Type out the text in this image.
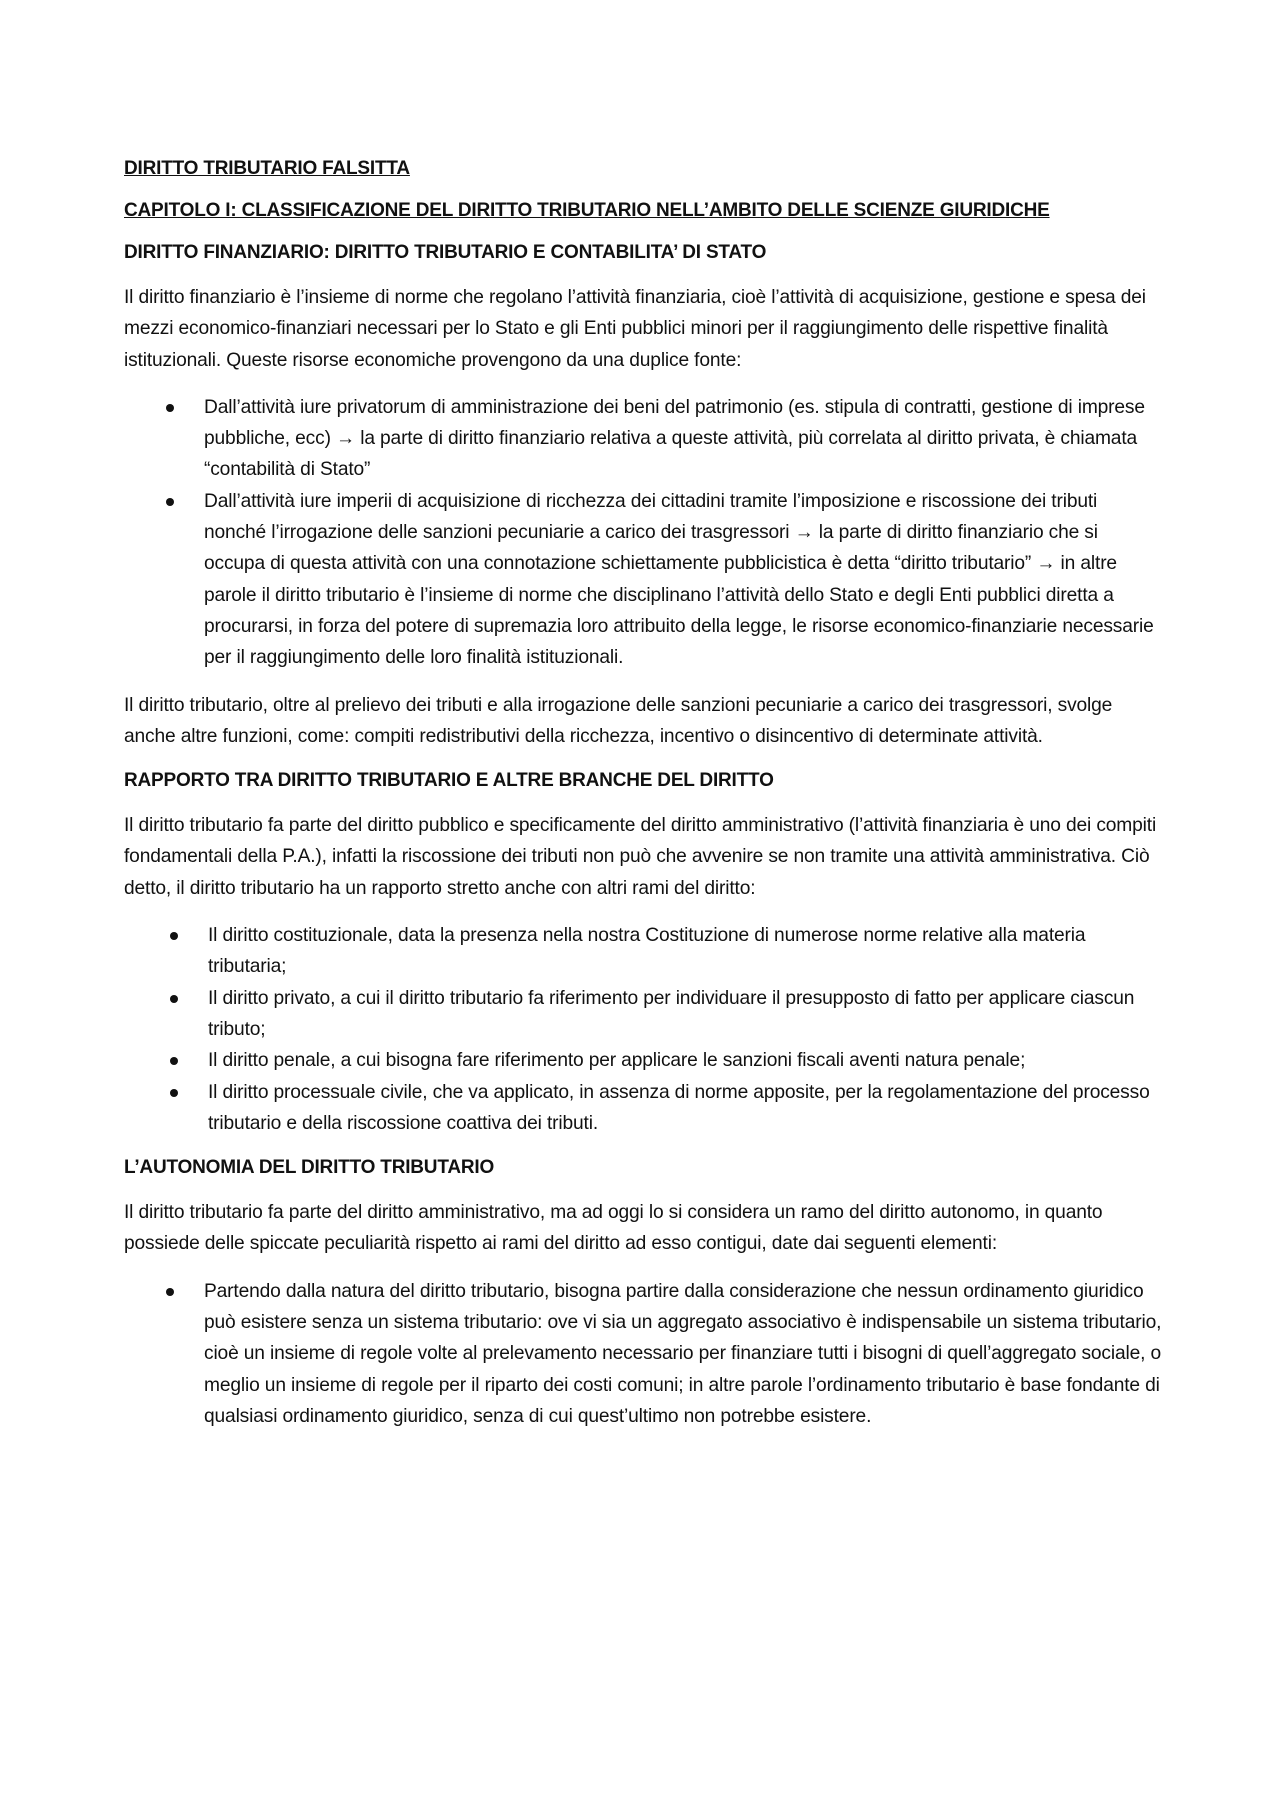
DIRITTO TRIBUTARIO FALSITTA
CAPITOLO I: CLASSIFICAZIONE DEL DIRITTO TRIBUTARIO NELL’AMBITO DELLE SCIENZE GIURIDICHE
DIRITTO FINANZIARIO: DIRITTO TRIBUTARIO E CONTABILITA’ DI STATO

Il diritto finanziario è l’insieme di norme che regolano l’attività finanziaria, cioè l’attività di acquisizione, gestione e spesa dei mezzi economico-finanziari necessari per lo Stato e gli Enti pubblici minori per il raggiungimento delle rispettive finalità istituzionali. Queste risorse economiche provengono da una duplice fonte:

Dall’attività iure privatorum di amministrazione dei beni del patrimonio (es. stipula di contratti, gestione di imprese pubbliche, ecc) → la parte di diritto finanziario relativa a queste attività, più correlata al diritto privata, è chiamata “contabilità di Stato”
Dall’attività iure imperii di acquisizione di ricchezza dei cittadini tramite l’imposizione e riscossione dei tributi nonché l’irrogazione delle sanzioni pecuniarie a carico dei trasgressori → la parte di diritto finanziario che si occupa di questa attività con una connotazione schiettamente pubblicistica è detta “diritto tributario” → in altre parole il diritto tributario è l’insieme di norme che disciplinano l’attività dello Stato e degli Enti pubblici diretta a procurarsi, in forza del potere di supremazia loro attribuito della legge, le risorse economico-finanziarie necessarie per il raggiungimento delle loro finalità istituzionali.

Il diritto tributario, oltre al prelievo dei tributi e alla irrogazione delle sanzioni pecuniarie a carico dei trasgressori, svolge anche altre funzioni, come: compiti redistributivi della ricchezza, incentivo o disincentivo di determinate attività.

RAPPORTO TRA DIRITTO TRIBUTARIO E ALTRE BRANCHE DEL DIRITTO

Il diritto tributario fa parte del diritto pubblico e specificamente del diritto amministrativo (l’attività finanziaria è uno dei compiti fondamentali della P.A.), infatti la riscossione dei tributi non può che avvenire se non tramite una attività amministrativa. Ciò detto, il diritto tributario ha un rapporto stretto anche con altri rami del diritto:

Il diritto costituzionale, data la presenza nella nostra Costituzione di numerose norme relative alla materia tributaria;
Il diritto privato, a cui il diritto tributario fa riferimento per individuare il presupposto di fatto per applicare ciascun tributo;
Il diritto penale, a cui bisogna fare riferimento per applicare le sanzioni fiscali aventi natura penale;
Il diritto processuale civile, che va applicato, in assenza di norme apposite, per la regolamentazione del processo tributario e della riscossione coattiva dei tributi.
L’AUTONOMIA DEL DIRITTO TRIBUTARIO

Il diritto tributario fa parte del diritto amministrativo, ma ad oggi lo si considera un ramo del diritto autonomo, in quanto possiede delle spiccate peculiarità rispetto ai rami del diritto ad esso contigui, date dai seguenti elementi:

Partendo dalla natura del diritto tributario, bisogna partire dalla considerazione che nessun ordinamento giuridico può esistere senza un sistema tributario: ove vi sia un aggregato associativo è indispensabile un sistema tributario, cioè un insieme di regole volte al prelevamento necessario per finanziare tutti i bisogni di quell’aggregato sociale, o meglio un insieme di regole per il riparto dei costi comuni; in altre parole l’ordinamento tributario è base fondante di qualsiasi ordinamento giuridico, senza di cui quest’ultimo non potrebbe esistere.
